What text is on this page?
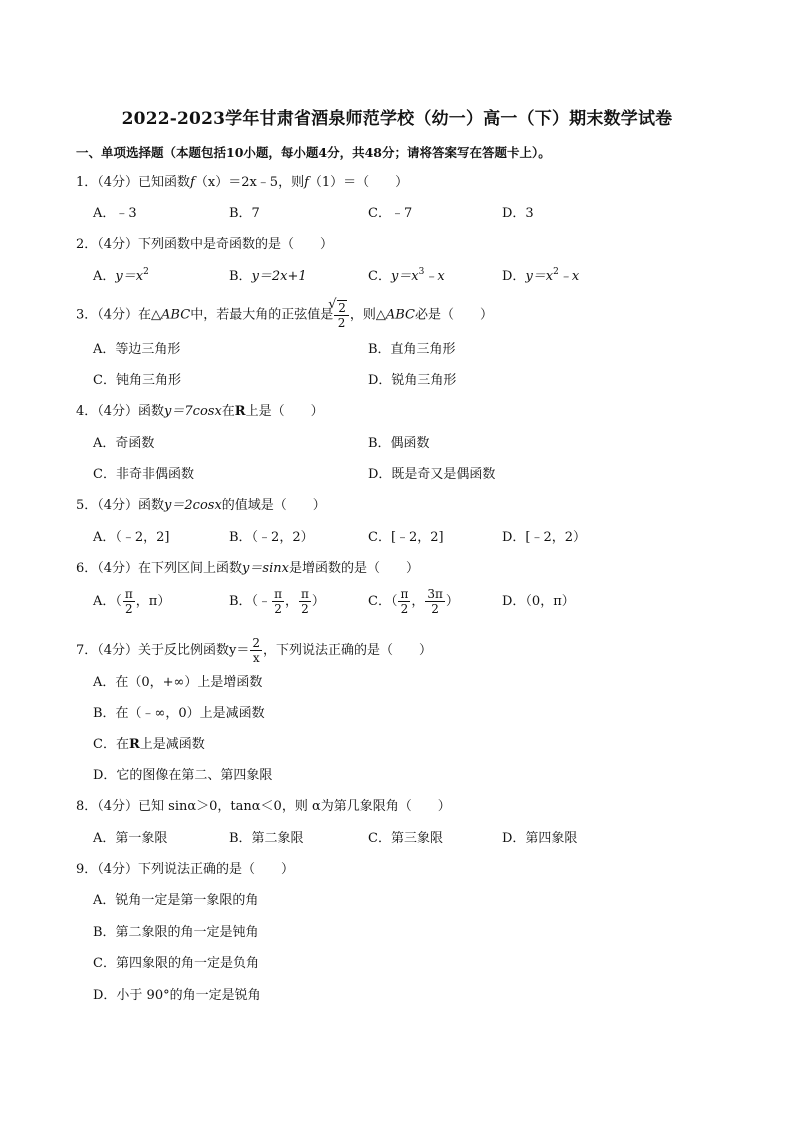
2022-2023学年甘肃省酒泉师范学校（幼一）高一（下）期末数学试卷
一、单项选择题（本题包括10小题，每小题4分，共48分；请将答案写在答题卡上）。
1．（4分）已知函数f（x）＝2x﹣5，则f（1）＝（　　）
A．﹣3	B．7	C．﹣7	D．3
2．（4分）下列函数中是奇函数的是（　　）
A．$y=x^2$	B．y＝2x+1	C．$y=x^3﹣x$	D．$y=x^2﹣x$
3．（4分）在△ABC中，若最大角的正弦值是
√ $\frac{2}{2}$ ，则△ABC必是（　　）
A．等边三角形	B．直角三角形
C．钝角三角形	D．锐角三角形
4．（4分）函数y＝7cosx在R上是（　　）
A．奇函数	B．偶函数
C．非奇非偶函数	D．既是奇又是偶函数
5．（4分）函数y＝2cosx的值域是（　　）
A．（﹣2，2]	B．（﹣2，2）	C．[﹣2，2]	D．[﹣2，2）
6．（4分）在下列区间上函数y＝sinx是增函数的是（　　）
A．（ $\frac{\pi}{2}$ ，π）	B．（﹣ $\frac{\pi}{2}$ ， $\frac{\pi}{2}$ ）	C．（ $\frac{\pi}{2}$ ， $\frac{3\pi}{2}$ ）	D．（0，π）
7．（4分）关于反比例函数$y= \frac{2}{x}$ ，下列说法正确的是（　　）
A．在（0，+∞）上是增函数
B．在（﹣∞，0）上是减函数
C．在R上是减函数
D．它的图像在第二、第四象限
8．（4分）已知 sinα＞0，tanα＜0，则 α为第几象限角（　　）
A．第一象限	B．第二象限	C．第三象限	D．第四象限
9．（4分）下列说法正确的是（　　）
A．锐角一定是第一象限的角
B．第二象限的角一定是钝角
C．第四象限的角一定是负角
D．小于 90°的角一定是锐角
